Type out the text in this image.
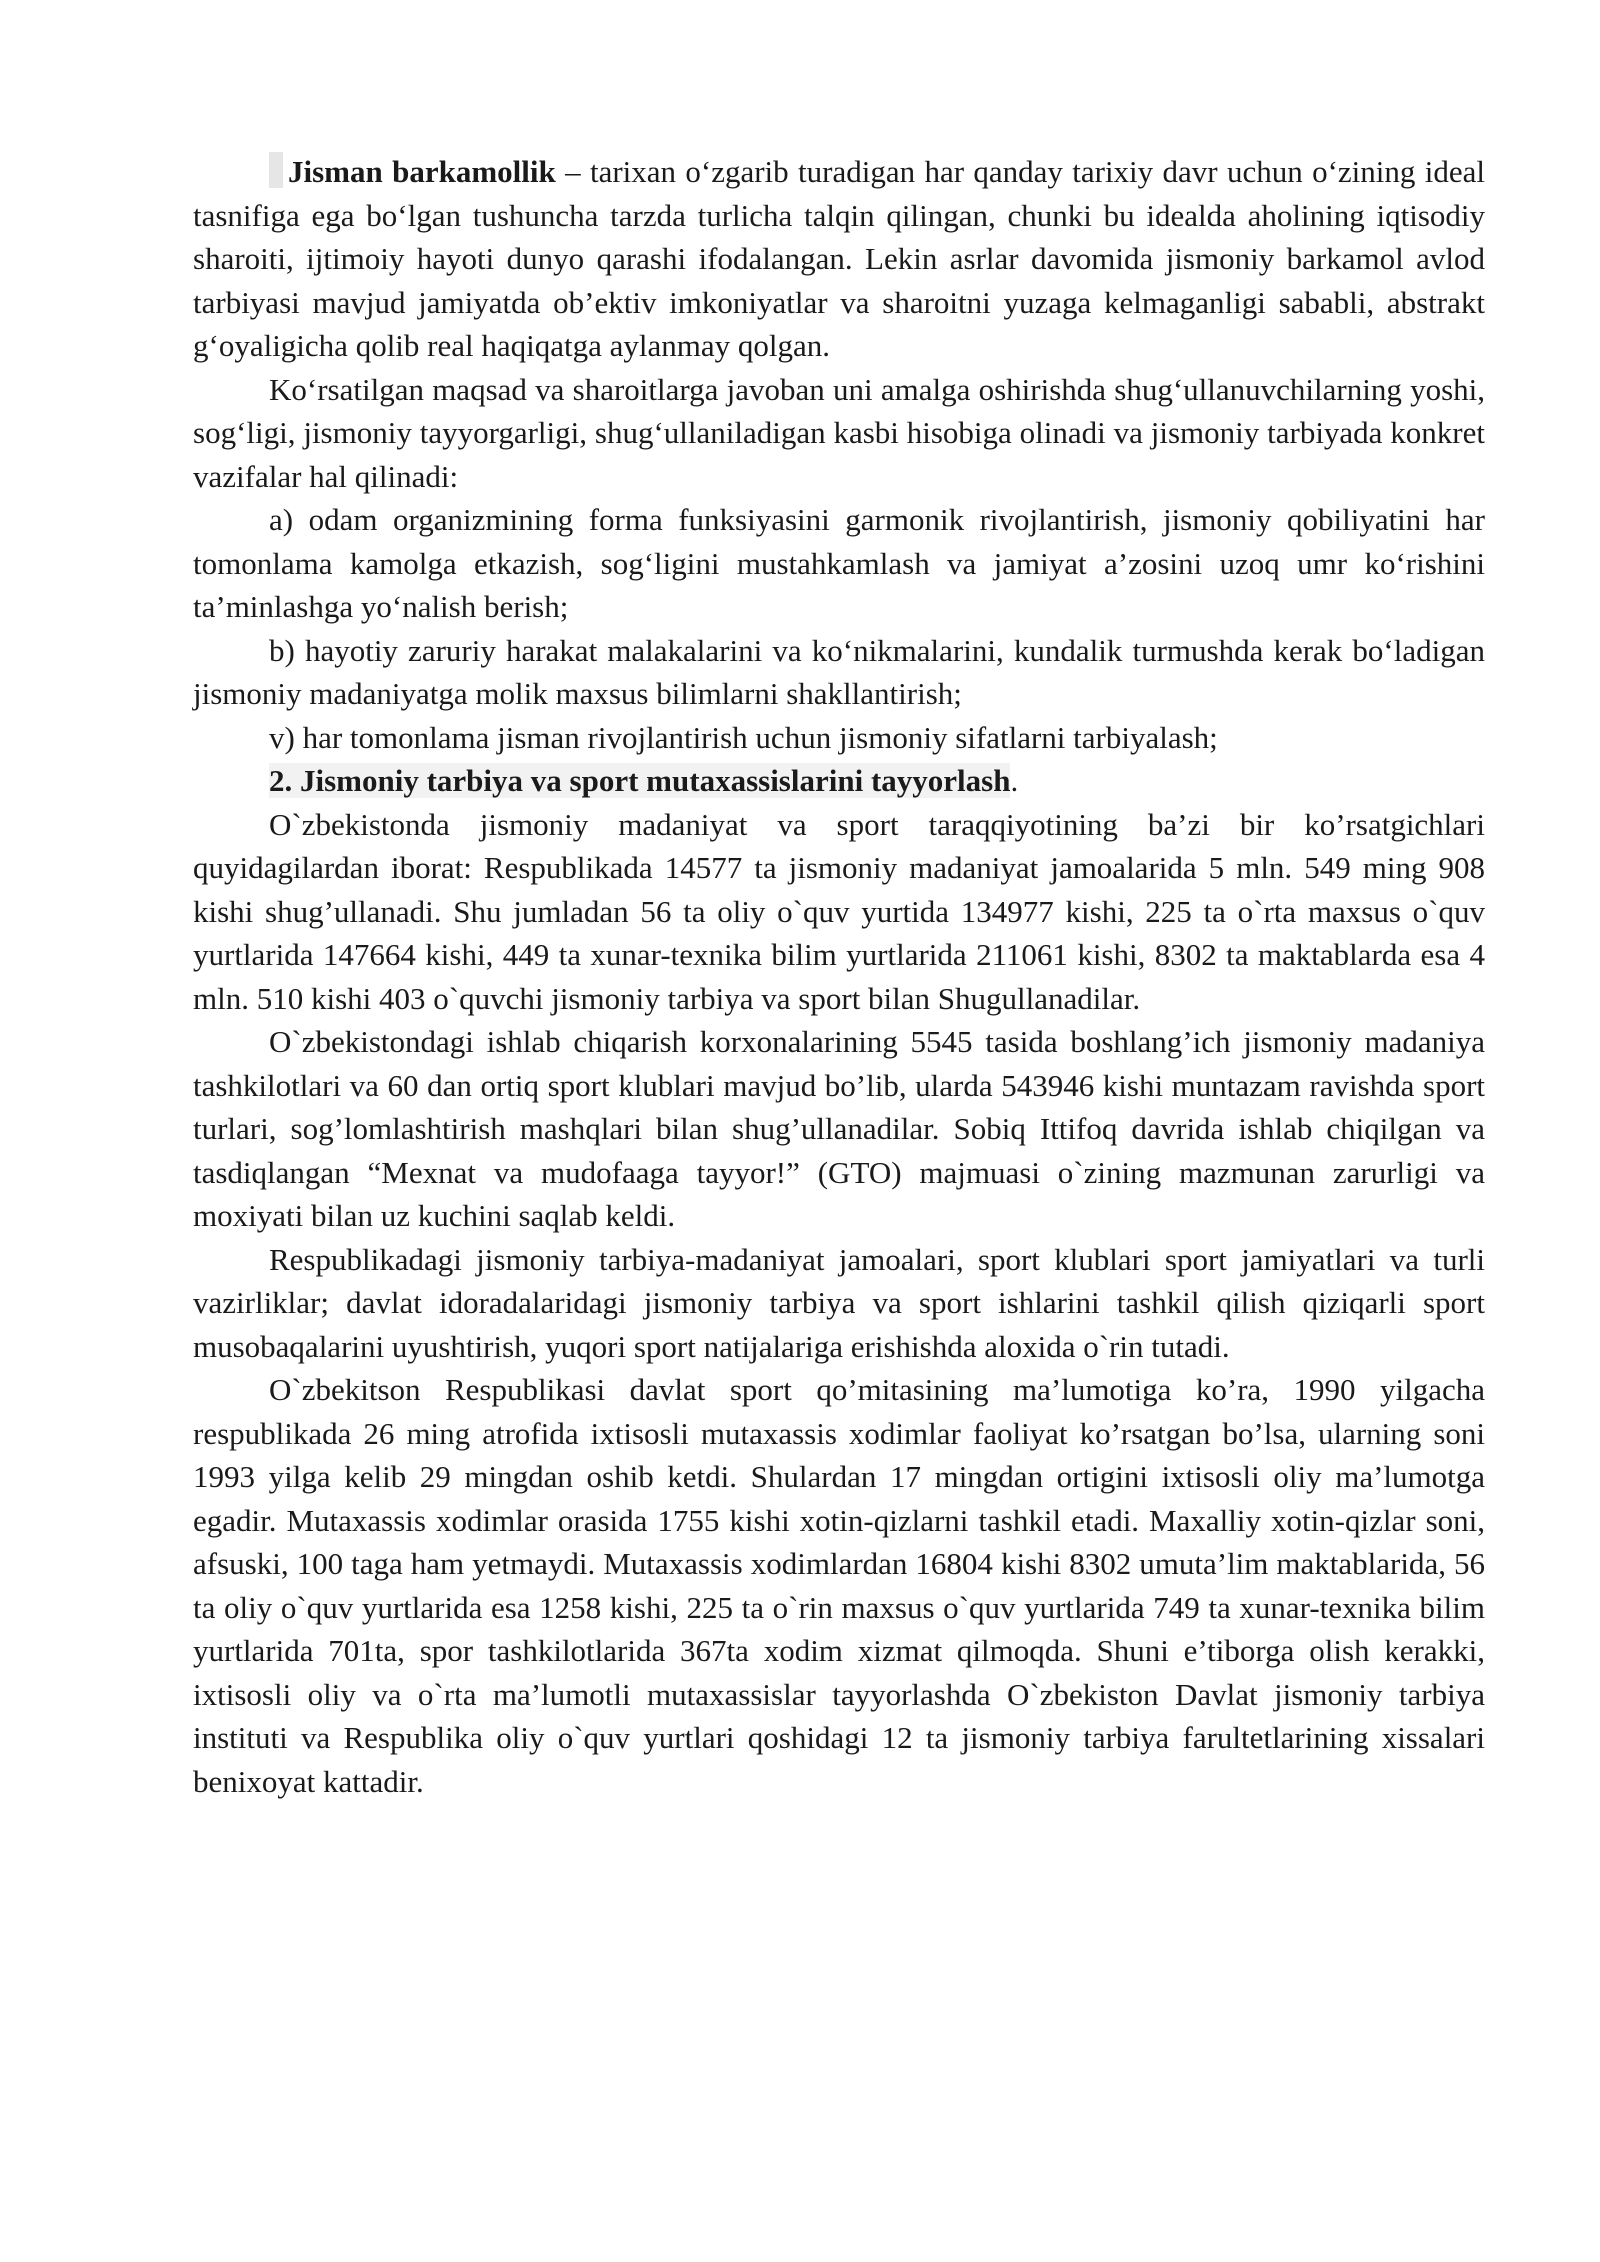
Jisman barkamollik – tarixan o‘zgarib turadigan har qanday tarixiy davr uchun o‘zining ideal tasnifiga ega bo‘lgan tushuncha tarzda turlicha talqin qilingan, chunki bu idealda aholining iqtisodiy sharoiti, ijtimoiy hayoti dunyo qarashi ifodalangan. Lekin asrlar davomida jismoniy barkamol avlod tarbiyasi mavjud jamiyatda ob’ektiv imkoniyatlar va sharoitni yuzaga kelmaganligi sababli, abstrakt g‘oyaligicha qolib real haqiqatga aylanmay qolgan.

Ko‘rsatilgan maqsad va sharoitlarga javoban uni amalga oshirishda shug‘ullanuvchilarning yoshi, sog‘ligi, jismoniy tayyorgarligi, shug‘ullaniladigan kasbi hisobiga olinadi va jismoniy tarbiyada konkret vazifalar hal qilinadi:

a) odam organizmining forma funksiyasini garmonik rivojlantirish, jismoniy qobiliyatini har tomonlama kamolga etkazish, sog‘ligini mustahkamlash va jamiyat a’zosini uzoq umr ko‘rishini ta’minlashga yo‘nalish berish;

b) hayotiy zaruriy harakat malakalarini va ko‘nikmalarini, kundalik turmushda kerak bo‘ladigan jismoniy madaniyatga molik maxsus bilimlarni shakllantirish;

v) har tomonlama jisman rivojlantirish uchun jismoniy sifatlarni tarbiyalash;

2. Jismoniy tarbiya va sport mutaxassislarini tayyorlash.

O`zbekistonda jismoniy madaniyat va sport taraqqiyotining ba’zi bir ko’rsatgichlari quyidagilardan iborat: Respublikada 14577 ta jismoniy madaniyat jamoalarida 5 mln. 549 ming 908 kishi shug’ullanadi. Shu jumladan 56 ta oliy o`quv yurtida 134977 kishi, 225 ta o`rta maxsus o`quv yurtlarida 147664 kishi, 449 ta xunar-texnika bilim yurtlarida 211061 kishi, 8302 ta maktablarda esa 4 mln. 510 kishi 403 o`quvchi jismoniy tarbiya va sport bilan Shugullanadilar.

O`zbekistondagi ishlab chiqarish korxonalarining 5545 tasida boshlang’ich jismoniy madaniya tashkilotlari va 60 dan ortiq sport klublari mavjud bo’lib, ularda 543946 kishi muntazam ravishda sport turlari, sog’lomlashtirish mashqlari bilan shug’ullanadilar. Sobiq Ittifoq davrida ishlab chiqilgan va tasdiqlangan “Mexnat va mudofaaga tayyor!” (GTO) majmuasi o`zining mazmunan zarurligi va moxiyati bilan uz kuchini saqlab keldi.

Respublikadagi jismoniy tarbiya-madaniyat jamoalari, sport klublari sport jamiyatlari va turli vazirliklar; davlat idoradalaridagi jismoniy tarbiya va sport ishlarini tashkil qilish qiziqarli sport musobaqalarini uyushtirish, yuqori sport natijalariga erishishda aloxida o`rin tutadi.

O`zbekitson Respublikasi davlat sport qo’mitasining ma’lumotiga ko’ra, 1990 yilgacha respublikada 26 ming atrofida ixtisosli mutaxassis xodimlar faoliyat ko’rsatgan bo’lsa, ularning soni 1993 yilga kelib 29 mingdan oshib ketdi. Shulardan 17 mingdan ortigini ixtisosli oliy ma’lumotga egadir. Mutaxassis xodimlar orasida 1755 kishi xotin-qizlarni tashkil etadi. Maxalliy xotin-qizlar soni, afsuski, 100 taga ham yetmaydi. Mutaxassis xodimlardan 16804 kishi 8302 umuta’lim maktablarida, 56 ta oliy o`quv yurtlarida esa 1258 kishi, 225 ta o`rin maxsus o`quv yurtlarida 749 ta xunar-texnika bilim yurtlarida 701ta, spor tashkilotlarida 367ta xodim xizmat qilmoqda. Shuni e’tiborga olish kerakki, ixtisosli oliy va o`rta ma’lumotli mutaxassislar tayyorlashda O`zbekiston Davlat jismoniy tarbiya instituti va Respublika oliy o`quv yurtlari qoshidagi 12 ta jismoniy tarbiya farultetlarining xissalari benixoyat kattadir.
